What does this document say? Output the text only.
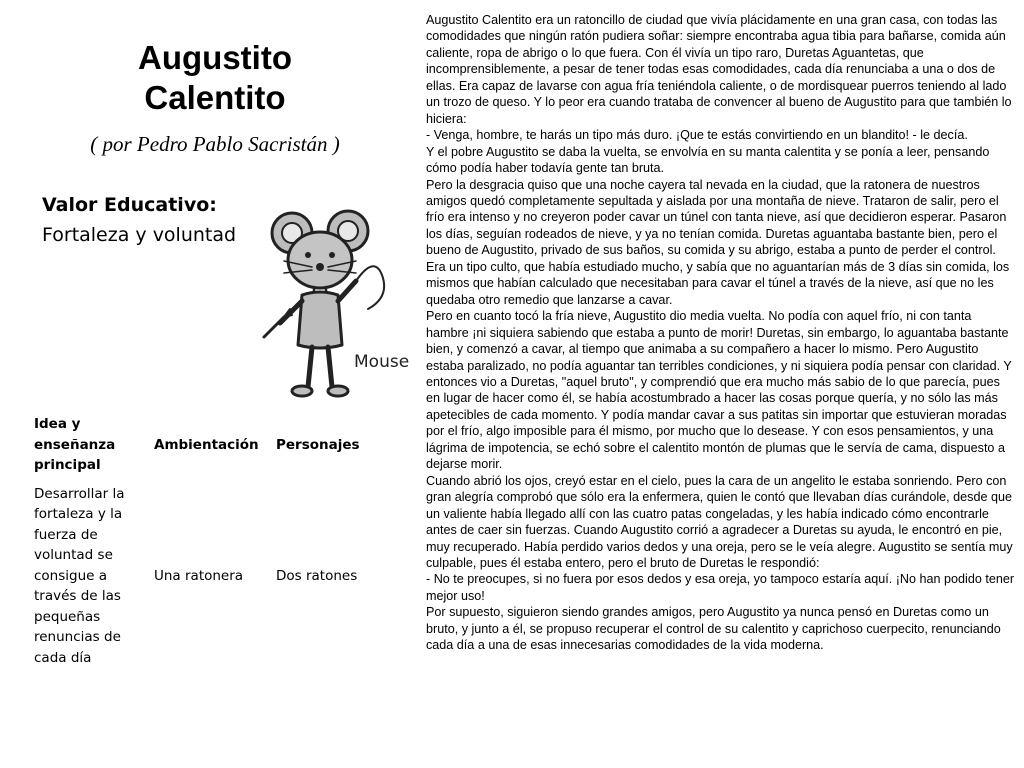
Augustito
Calentito

( por Pedro Pablo Sacristán )

Valor Educativo:
Fortaleza y voluntad
Mouse
Idea y enseñanza principal	Ambientación	Personajes
Desarrollar la fortaleza y la fuerza de voluntad se consigue a través de las pequeñas renuncias de cada día	Una ratonera	Dos ratones

Augustito Calentito era un ratoncillo de ciudad que vivía plácidamente en una gran casa, con todas las comodidades que ningún ratón pudiera soñar: siempre encontraba agua tibia para bañarse, comida aún caliente, ropa de abrigo o lo que fuera. Con él vivía un tipo raro, Duretas Aguantetas, que incomprensiblemente, a pesar de tener todas esas comodidades, cada día renunciaba a una o dos de ellas. Era capaz de lavarse con agua fría teniéndola caliente, o de mordisquear puerros teniendo al lado un trozo de queso. Y lo peor era cuando trataba de convencer al bueno de Augustito para que también lo hiciera:

- Venga, hombre, te harás un tipo más duro. ¡Que te estás convirtiendo en un blandito! - le decía.

Y el pobre Augustito se daba la vuelta, se envolvía en su manta calentita y se ponía a leer, pensando cómo podía haber todavía gente tan bruta.

Pero la desgracia quiso que una noche cayera tal nevada en la ciudad, que la ratonera de nuestros amigos quedó completamente sepultada y aislada por una montaña de nieve. Trataron de salir, pero el frío era intenso y no creyeron poder cavar un túnel con tanta nieve, así que decidieron esperar. Pasaron los días, seguían rodeados de nieve, y ya no tenían comida. Duretas aguantaba bastante bien, pero el bueno de Augustito, privado de sus baños, su comida y su abrigo, estaba a punto de perder el control. Era un tipo culto, que había estudiado mucho, y sabía que no aguantarían más de 3 días sin comida, los mismos que habían calculado que necesitaban para cavar el túnel a través de la nieve, así que no les quedaba otro remedio que lanzarse a cavar.

Pero en cuanto tocó la fría nieve, Augustito dio media vuelta. No podía con aquel frío, ni con tanta hambre ¡ni siquiera sabiendo que estaba a punto de morir! Duretas, sin embargo, lo aguantaba bastante bien, y comenzó a cavar, al tiempo que animaba a su compañero a hacer lo mismo. Pero Augustito estaba paralizado, no podía aguantar tan terribles condiciones, y ni siquiera podía pensar con claridad. Y entonces vio a Duretas, "aquel bruto", y comprendió que era mucho más sabio de lo que parecía, pues en lugar de hacer como él, se había acostumbrado a hacer las cosas porque quería, y no sólo las más apetecibles de cada momento. Y podía mandar cavar a sus patitas sin importar que estuvieran moradas por el frío, algo imposible para él mismo, por mucho que lo desease. Y con esos pensamientos, y una lágrima de impotencia, se echó sobre el calentito montón de plumas que le servía de cama, dispuesto a dejarse morir.

Cuando abrió los ojos, creyó estar en el cielo, pues la cara de un angelito le estaba sonriendo. Pero con gran alegría comprobó que sólo era la enfermera, quien le contó que llevaban días curándole, desde que un valiente había llegado allí con las cuatro patas congeladas, y les había indicado cómo encontrarle antes de caer sin fuerzas. Cuando Augustito corrió a agradecer a Duretas su ayuda, le encontró en pie, muy recuperado. Había perdido varios dedos y una oreja, pero se le veía alegre. Augustito se sentía muy culpable, pues él estaba entero, pero el bruto de Duretas le respondió:

- No te preocupes, si no fuera por esos dedos y esa oreja, yo tampoco estaría aquí. ¡No han podido tener mejor uso!

Por supuesto, siguieron siendo grandes amigos, pero Augustito ya nunca pensó en Duretas como un bruto, y junto a él, se propuso recuperar el control de su calentito y caprichoso cuerpecito, renunciando cada día a una de esas innecesarias comodidades de la vida moderna.
